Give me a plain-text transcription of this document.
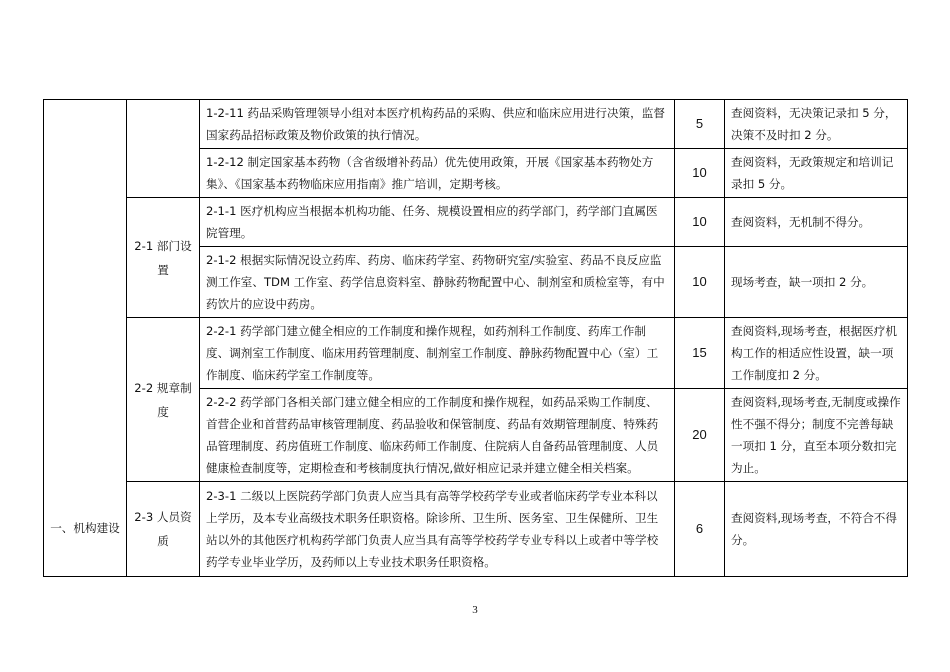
一、机构建设		1-2-11 药品采购管理领导小组对本医疗机构药品的采购、供应和临床应用进行决策，监督国家药品招标政策及物价政策的执行情况。	5	查阅资料，无决策记录扣 5 分，决策不及时扣 2 分。
		1-2-12 制定国家基本药物（含省级增补药品）优先使用政策，开展《国家基本药物处方集》、《国家基本药物临床应用指南》推广培训，定期考核。	10	查阅资料，无政策规定和培训记录扣 5 分。
	2-1 部门设置	2-1-1 医疗机构应当根据本机构功能、任务、规模设置相应的药学部门，药学部门直属医院管理。	10	查阅资料，无机制不得分。
		2-1-2 根据实际情况设立药库、药房、临床药学室、药物研究室/实验室、药品不良反应监测工作室、TDM 工作室、药学信息资料室、静脉药物配置中心、制剂室和质检室等，有中药饮片的应设中药房。	10	现场考查，缺一项扣 2 分。
	2-2 规章制度	2-2-1 药学部门建立健全相应的工作制度和操作规程，如药剂科工作制度、药库工作制度、调剂室工作制度、临床用药管理制度、制剂室工作制度、静脉药物配置中心（室）工作制度、临床药学室工作制度等。	15	查阅资料,现场考查，根据医疗机构工作的相适应性设置，缺一项工作制度扣 2 分。
		2-2-2 药学部门各相关部门建立健全相应的工作制度和操作规程，如药品采购工作制度、首营企业和首营药品审核管理制度、药品验收和保管制度、药品有效期管理制度、特殊药品管理制度、药房值班工作制度、临床药师工作制度、住院病人自备药品管理制度、人员健康检查制度等，定期检查和考核制度执行情况,做好相应记录并建立健全相关档案。	20	查阅资料,现场考查,无制度或操作性不强不得分；制度不完善每缺一项扣 1 分，直至本项分数扣完为止。
	2-3 人员资质	2-3-1 二级以上医院药学部门负责人应当具有高等学校药学专业或者临床药学专业本科以上学历，及本专业高级技术职务任职资格。除诊所、卫生所、医务室、卫生保健所、卫生站以外的其他医疗机构药学部门负责人应当具有高等学校药学专业专科以上或者中等学校药学专业毕业学历，及药师以上专业技术职务任职资格。	6	查阅资料,现场考查，不符合不得分。
3
